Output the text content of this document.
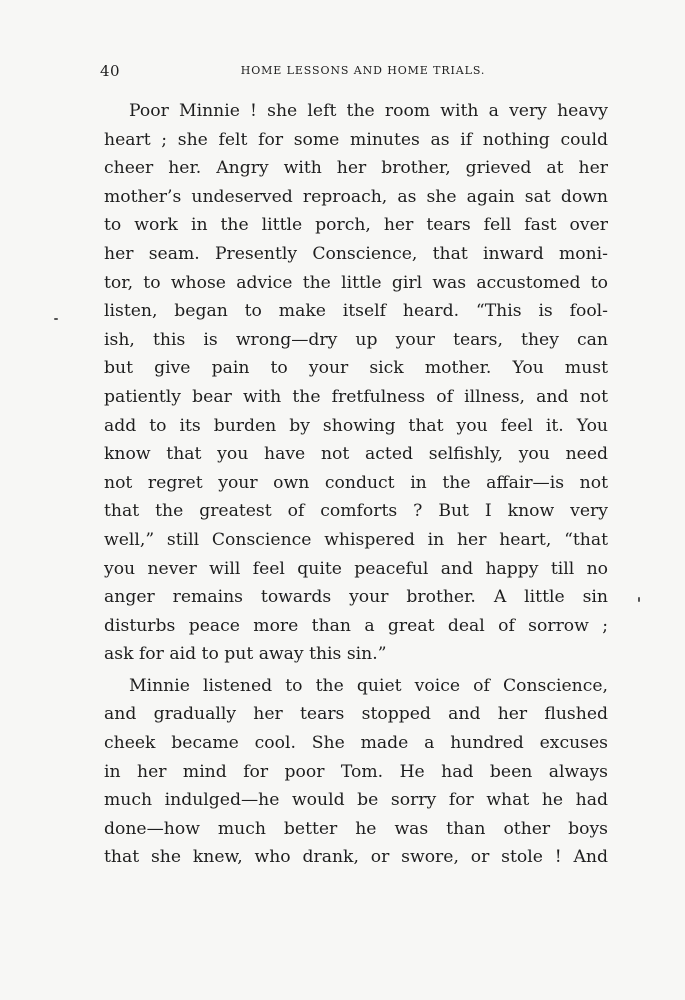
40	HOME LESSONS AND HOME TRIALS.
Poor Minnie ! she left the room with a very heavy
heart ; she felt for some minutes as if nothing could
cheer her. Angry with her brother, grieved at her
mother’s undeserved reproach, as she again sat down
to work in the little porch, her tears fell fast over
her seam. Presently Conscience, that inward moni-
tor, to whose advice the little girl was accustomed to
listen, began to make itself heard. “This is fool-
ish, this is wrong—dry up your tears, they can
but give pain to your sick mother. You must
patiently bear with the fretfulness of illness, and not
add to its burden by showing that you feel it. You
know that you have not acted selfishly, you need
not regret your own conduct in the affair—is not
that the greatest of comforts ? But I know very
well,” still Conscience whispered in her heart, “that
you never will feel quite peaceful and happy till no
anger remains towards your brother. A little sin
disturbs peace more than a great deal of sorrow ;
ask for aid to put away this sin.”
Minnie listened to the quiet voice of Conscience,
and gradually her tears stopped and her flushed
cheek became cool. She made a hundred excuses
in her mind for poor Tom. He had been always
much indulged—he would be sorry for what he had
done—how much better he was than other boys
that she knew, who drank, or swore, or stole ! And
